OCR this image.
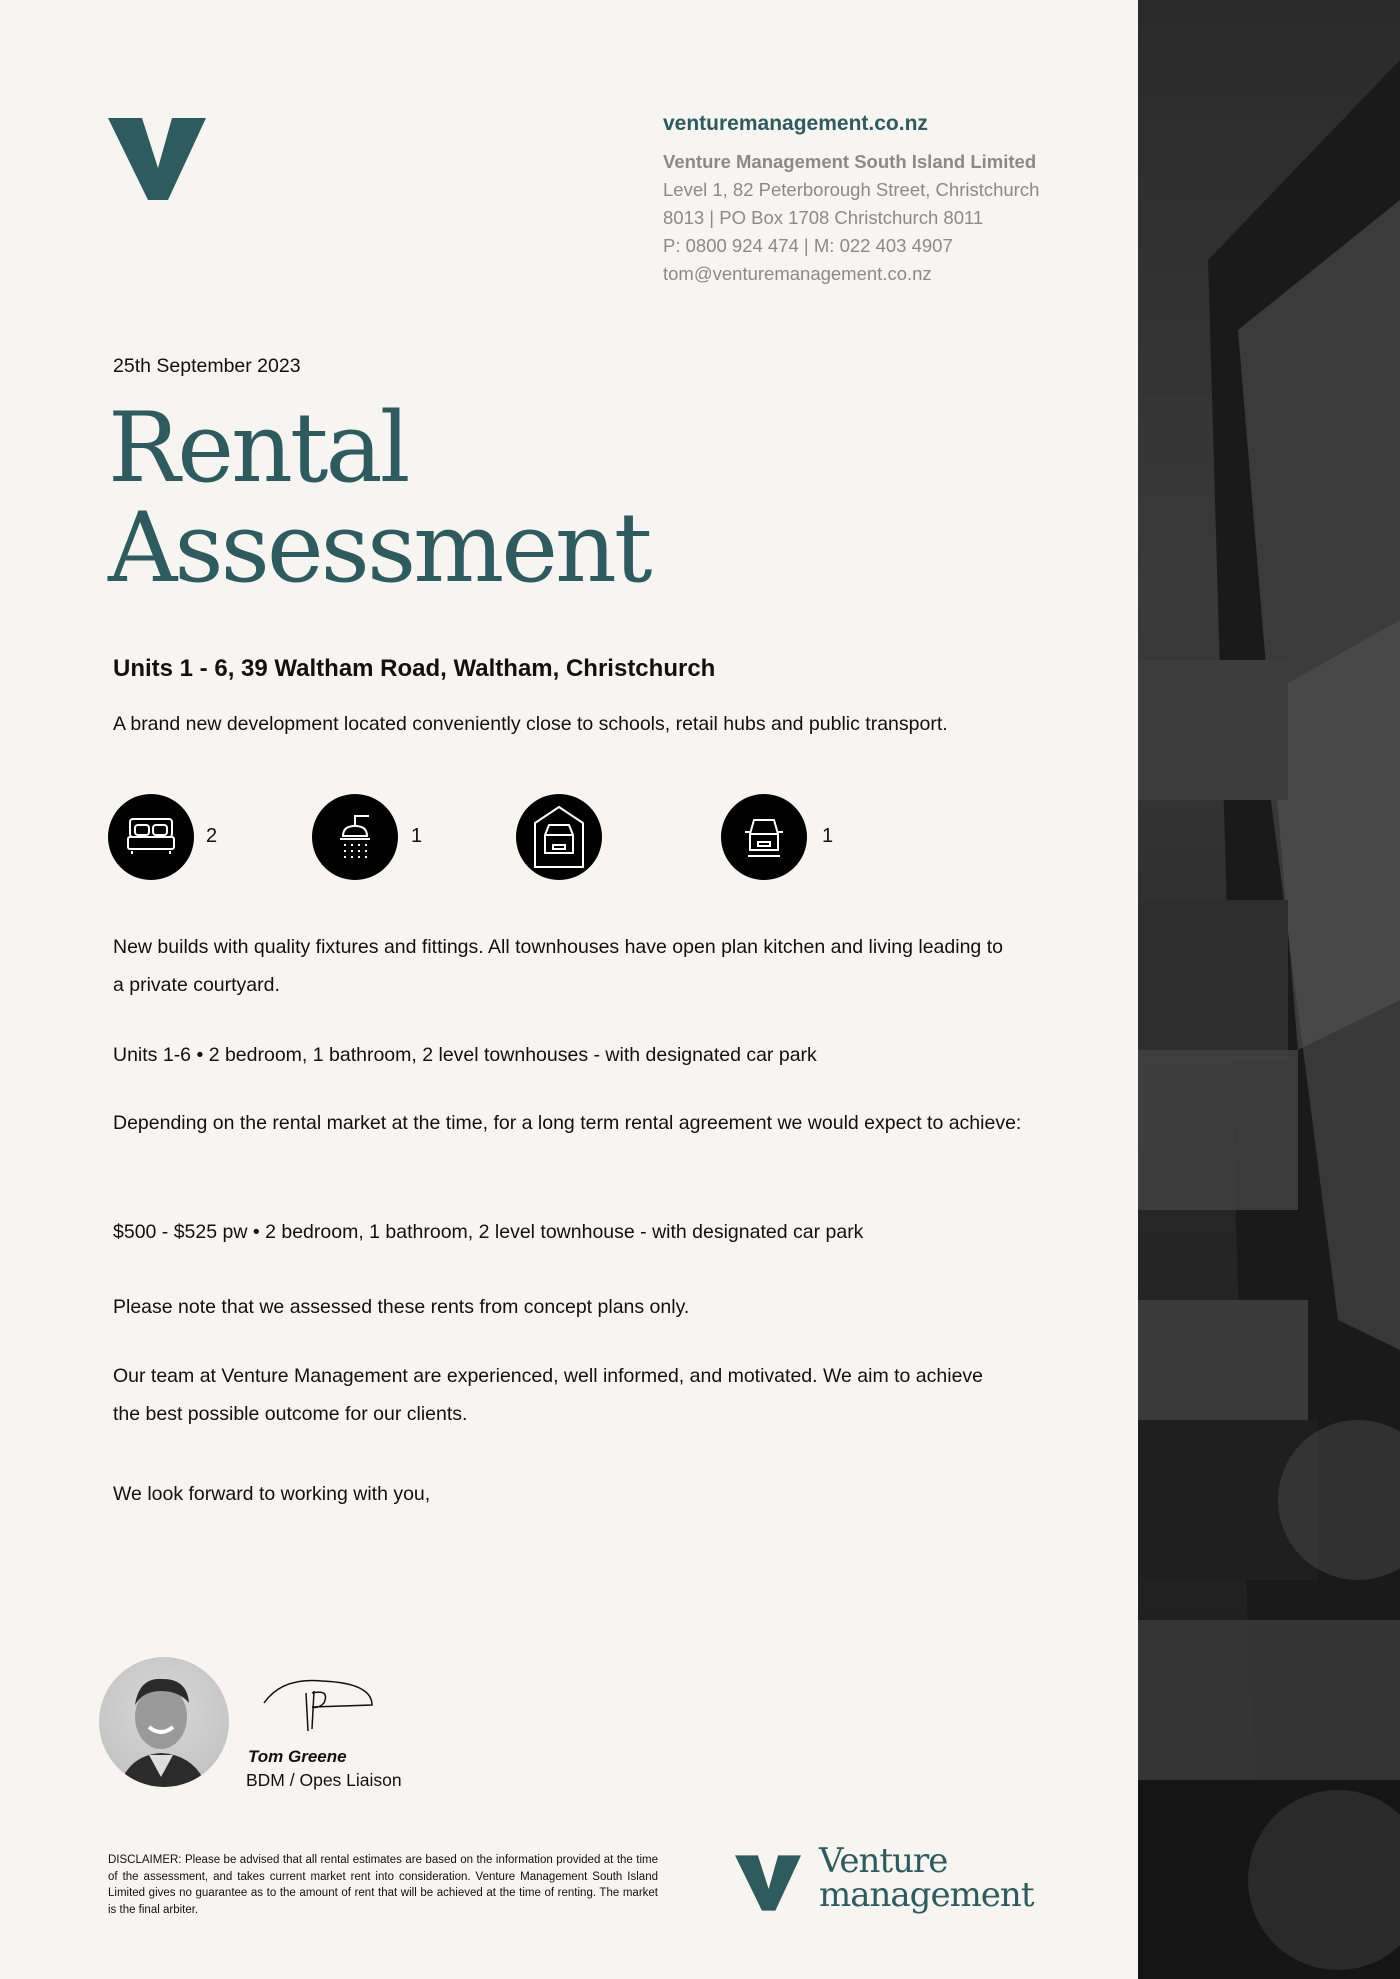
venturemanagement.co.nz
Venture Management South Island Limited
Level 1, 82 Peterborough Street, Christchurch
8013 | PO Box 1708 Christchurch 8011
P: 0800 924 474 | M: 022 403 4907
tom@venturemanagement.co.nz
25th September 2023
Rental
Assessment
Units 1 - 6, 39 Waltham Road, Waltham, Christchurch
A brand new development located conveniently close to schools, retail hubs and public transport.
2	1	1
New builds with quality fixtures and fittings. All townhouses have open plan kitchen and living leading to a private courtyard.
Units 1-6 • 2 bedroom, 1 bathroom, 2 level townhouses - with designated car park
Depending on the rental market at the time, for a long term rental agreement we would expect to achieve:
$500 - $525 pw • 2 bedroom, 1 bathroom, 2 level townhouse - with designated car park
Please note that we assessed these rents from concept plans only.
Our team at Venture Management are experienced, well informed, and motivated. We aim to achieve the best possible outcome for our clients.
We look forward to working with you,
Tom Greene
BDM / Opes Liaison
DISCLAIMER: Please be advised that all rental estimates are based on the information provided at the time of the assessment, and takes current market rent into consideration. Venture Management South Island Limited gives no guarantee as to the amount of rent that will be achieved at the time of renting. The market is the final arbiter.
Venture
management
